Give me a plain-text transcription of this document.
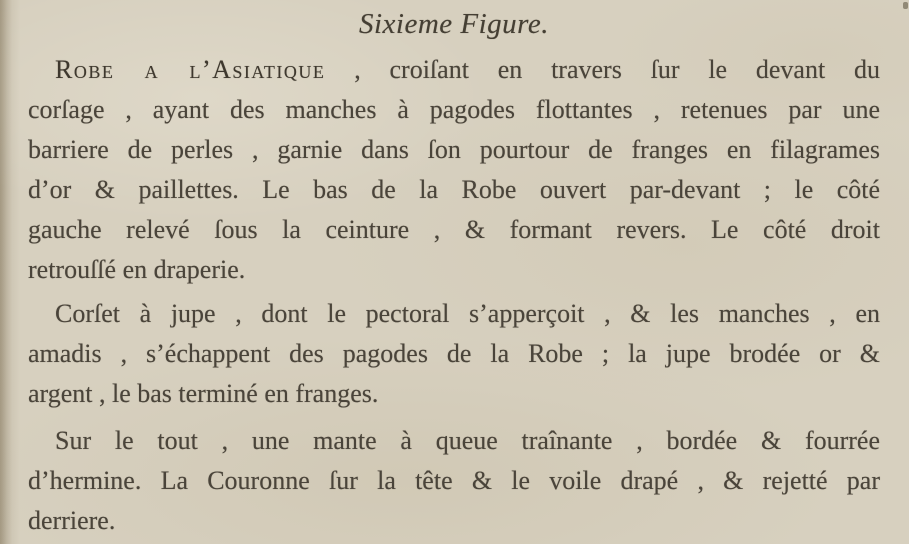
Sixieme Figure.
Robe a l’Asiatique , croiſant en travers ſur le devant du
corſage , ayant des manches à pagodes flottantes , retenues par une
barriere de perles , garnie dans ſon pourtour de franges en filagrames
d’or & paillettes. Le bas de la Robe ouvert par-devant ; le côté
gauche relevé ſous la ceinture , & formant revers. Le côté droit
retrouſſé en draperie.
Corſet à jupe , dont le pectoral s’apperçoit , & les manches , en
amadis , s’échappent des pagodes de la Robe ; la jupe brodée or &
argent , le bas terminé en franges.
Sur le tout , une mante à queue traînante , bordée & fourrée
d’hermine. La Couronne ſur la tête & le voile drapé , & rejetté par
derriere.
